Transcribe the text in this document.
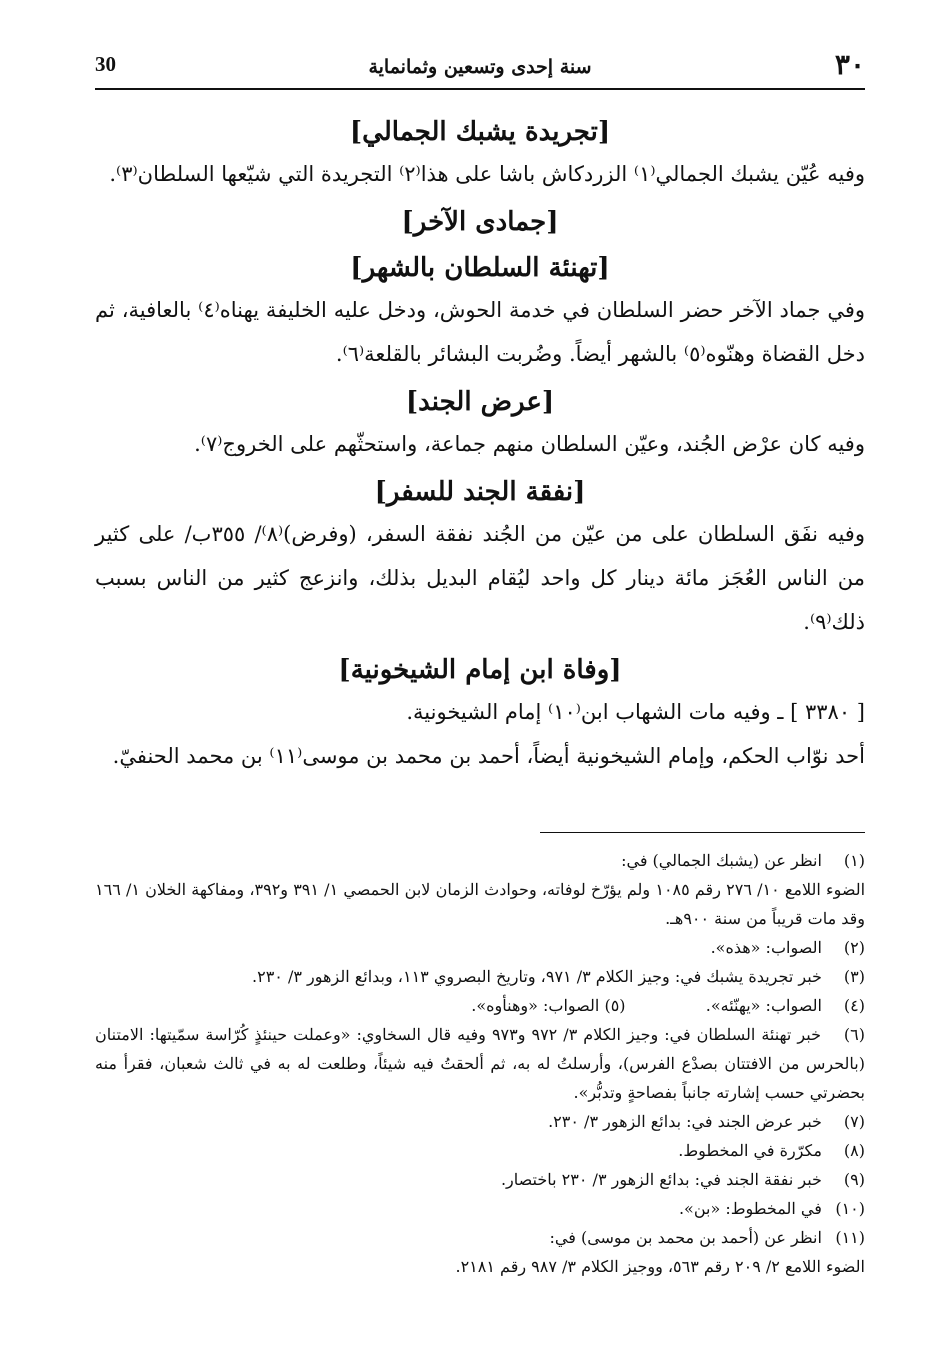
30	سنة إحدى وتسعين وثمانماية	٣٠

[تجريدة يشبك الجمالي]

وفيه عُيّن يشبك الجمالي⁽١⁾ الزردكاش باشا على هذا⁽٢⁾ التجريدة التي شيّعها السلطان⁽٣⁾.

[جمادى الآخر]

[تهنئة السلطان بالشهر]

وفي جماد الآخر حضر السلطان في خدمة الحوش، ودخل عليه الخليفة يهناه⁽٤⁾ بالعافية، ثم دخل القضاة وهنّوه⁽٥⁾ بالشهر أيضاً. وضُربت البشائر بالقلعة⁽٦⁾.

[عرض الجند]

وفيه كان عرْض الجُند، وعيّن السلطان منهم جماعة، واستحثّهم على الخروج⁽٧⁾.

[نفقة الجند للسفر]

وفيه نفَق السلطان على من عيّن من الجُند نفقة السفر، (وفرض)⁽٨⁾/ ٣٥٥ب/ على كثير من الناس العُجَز مائة دينار كل واحد ليُقام البديل بذلك، وانزعج كثير من الناس بسبب ذلك⁽٩⁾.

[وفاة ابن إمام الشيخونية]

[ ٣٣٨٠ ] ـ وفيه مات الشهاب ابن⁽١٠⁾ إمام الشيخونية.

أحد نوّاب الحكم، وإمام الشيخونية أيضاً، أحمد بن محمد بن موسى⁽١١⁾ بن محمد الحنفيّ.

(١) انظر عن (يشبك الجمالي) في:
الضوء اللامع ١٠/ ٢٧٦ رقم ١٠٨٥ ولم يؤرّخ لوفاته، وحوادث الزمان لابن الحمصي ١/ ٣٩١ و٣٩٢، ومفاكهة الخلان ١/ ١٦٦ وقد مات قريباً من سنة ٩٠٠هـ.

(٢) الصواب: «هذه».

(٣) خبر تجريدة يشبك في: وجيز الكلام ٣/ ٩٧١، وتاريخ البصروي ١١٣، وبدائع الزهور ٣/ ٢٣٠.

(٤) الصواب: «يهنّئه».  (٥) الصواب: «وهنأوه».

(٦) خبر تهنئة السلطان في: وجيز الكلام ٣/ ٩٧٢ و٩٧٣ وفيه قال السخاوي: «وعملت حينئذٍ كُرّاسة سمّيتها: الامتنان (بالحرس من الافتتان بصدْع الفرس)، وأرسلتُ له به، ثم ألحقتُ فيه شيئاً، وطلعت له به في ثالث شعبان، فقرأ منه بحضرتي حسب إشارته جانباً بفصاحةٍ وتدبُّر».

(٧) خبر عرض الجند في: بدائع الزهور ٣/ ٢٣٠.

(٨) مكرّرة في المخطوط.

(٩) خبر نفقة الجند في: بدائع الزهور ٣/ ٢٣٠ باختصار.

(١٠) في المخطوط: «بن».

(١١) انظر عن (أحمد بن محمد بن موسى) في:
الضوء اللامع ٢/ ٢٠٩ رقم ٥٦٣، ووجيز الكلام ٣/ ٩٨٧ رقم ٢١٨١.
